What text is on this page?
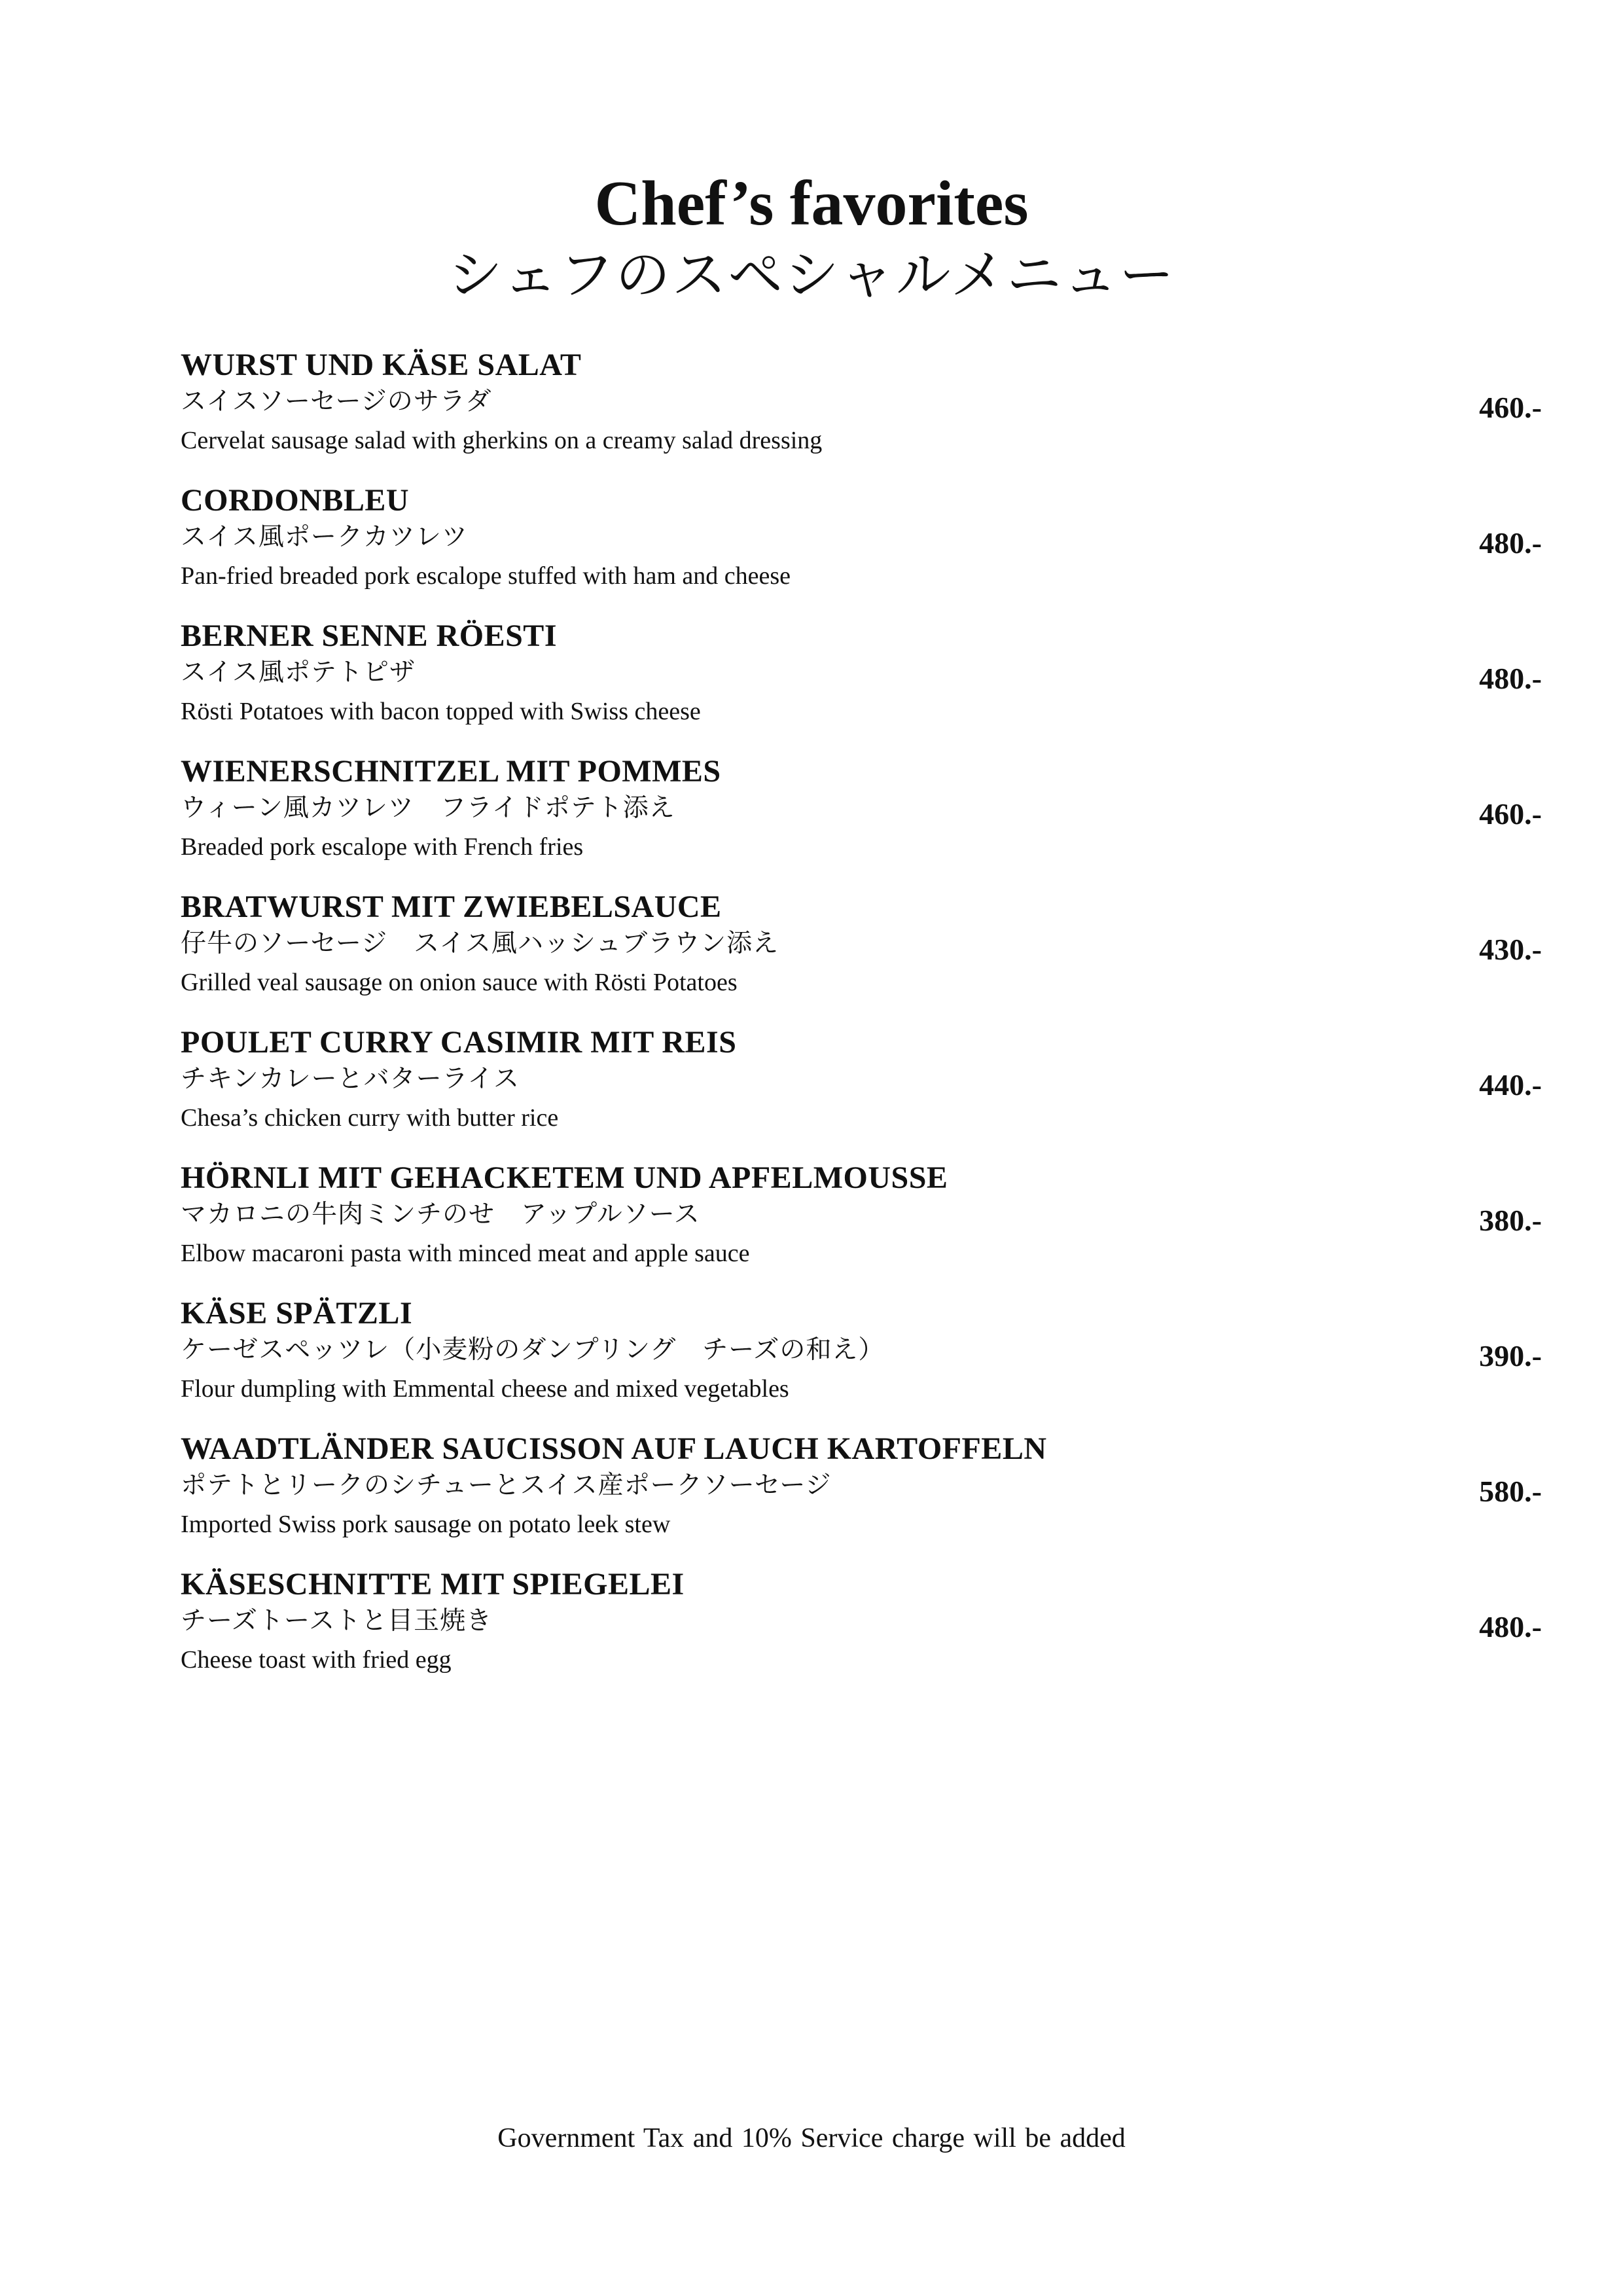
Chef’s favorites
シェフのスペシャルメニュー
WURST UND KÄSE SALAT
スイスソーセージのサラダ
Cervelat sausage salad with gherkins on a creamy salad dressing
460.-
CORDONBLEU
スイス風ポークカツレツ
Pan-fried breaded pork escalope stuffed with ham and cheese
480.-
BERNER SENNE RÖESTI
スイス風ポテトピザ
Rösti Potatoes with bacon topped with Swiss cheese
480.-
WIENERSCHNITZEL MIT POMMES
ウィーン風カツレツ　フライドポテト添え
Breaded pork escalope with French fries
460.-
BRATWURST MIT ZWIEBELSAUCE
仔牛のソーセージ　スイス風ハッシュブラウン添え
Grilled veal sausage on onion sauce with Rösti Potatoes
430.-
POULET CURRY CASIMIR MIT REIS
チキンカレーとバターライス
Chesa’s chicken curry with butter rice
440.-
HÖRNLI MIT GEHACKETEM UND APFELMOUSSE
マカロニの牛肉ミンチのせ　アップルソース
Elbow macaroni pasta with minced meat and apple sauce
380.-
KÄSE SPÄTZLI
ケーゼスペッツレ（小麦粉のダンプリング　チーズの和え）
Flour dumpling with Emmental cheese and mixed vegetables
390.-
WAADTLÄNDER SAUCISSON AUF LAUCH KARTOFFELN
ポテトとリークのシチューとスイス産ポークソーセージ
Imported Swiss pork sausage on potato leek stew
580.-
KÄSESCHNITTE MIT SPIEGELEI
チーズトーストと目玉焼き
Cheese toast with fried egg
480.-
Government Tax and 10% Service charge will be added
